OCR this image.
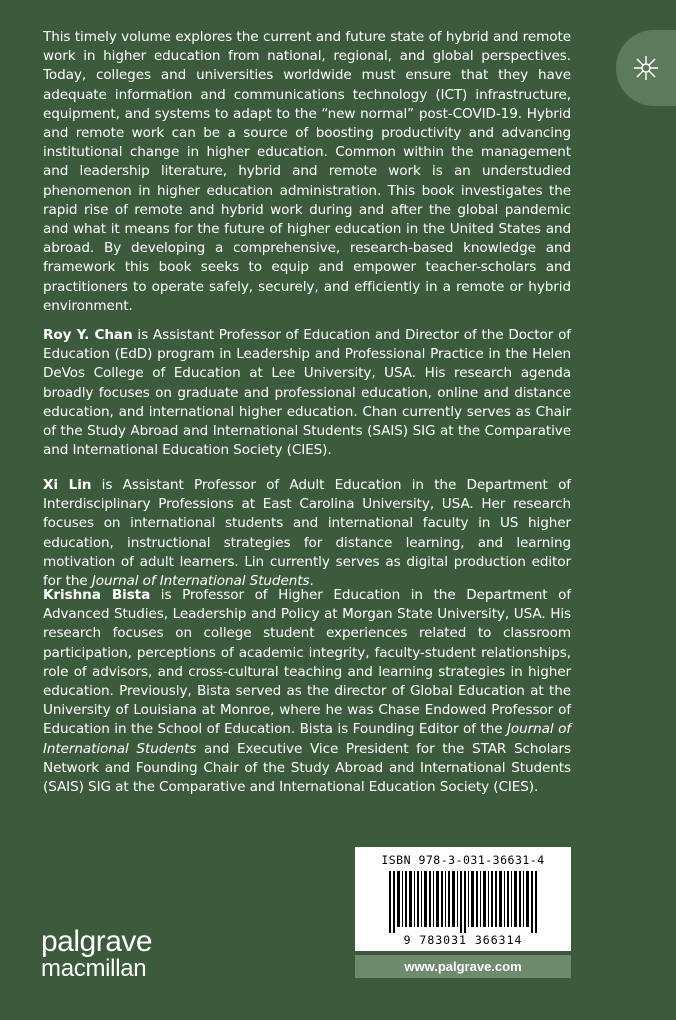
This timely volume explores the current and future state of hybrid and remote work in higher education from national, regional, and global perspectives. Today, colleges and universities worldwide must ensure that they have adequate information and communications technology (ICT) infrastructure, equipment, and systems to adapt to the “new normal” post-COVID-19. Hybrid and remote work can be a source of boosting productivity and advancing institutional change in higher education. Common within the management and leadership literature, hybrid and remote work is an understudied phenomenon in higher education administration. This book investigates the rapid rise of remote and hybrid work during and after the global pandemic and what it means for the future of higher education in the United States and abroad. By developing a comprehensive, research-based knowledge and framework this book seeks to equip and empower teacher-scholars and practitioners to operate safely, securely, and efficiently in a remote or hybrid environment.

Roy Y. Chan is Assistant Professor of Education and Director of the Doctor of Education (EdD) program in Leadership and Professional Practice in the Helen DeVos College of Education at Lee University, USA. His research agenda broadly focuses on graduate and professional education, online and distance education, and international higher education. Chan currently serves as Chair of the Study Abroad and International Students (SAIS) SIG at the Comparative and International Education Society (CIES).

Xi Lin is Assistant Professor of Adult Education in the Department of Interdisciplinary Professions at East Carolina University, USA. Her research focuses on international students and international faculty in US higher education, instructional strategies for distance learning, and learning motivation of adult learners. Lin currently serves as digital production editor for the Journal of International Students.

Krishna Bista is Professor of Higher Education in the Department of Advanced Studies, Leadership and Policy at Morgan State University, USA. His research focuses on college student experiences related to classroom participation, perceptions of academic integrity, faculty-student relationships, role of advisors, and cross-cultural teaching and learning strategies in higher education. Previously, Bista served as the director of Global Education at the University of Louisiana at Monroe, where he was Chase Endowed Professor of Education in the School of Education. Bista is Founding Editor of the Journal of International Students and Executive Vice President for the STAR Scholars Network and Founding Chair of the Study Abroad and International Students (SAIS) SIG at the Comparative and International Education Society (CIES).

palgrave
macmillan
ISBN 978-3-031-36631-4
9 783031 366314
www.palgrave.com
